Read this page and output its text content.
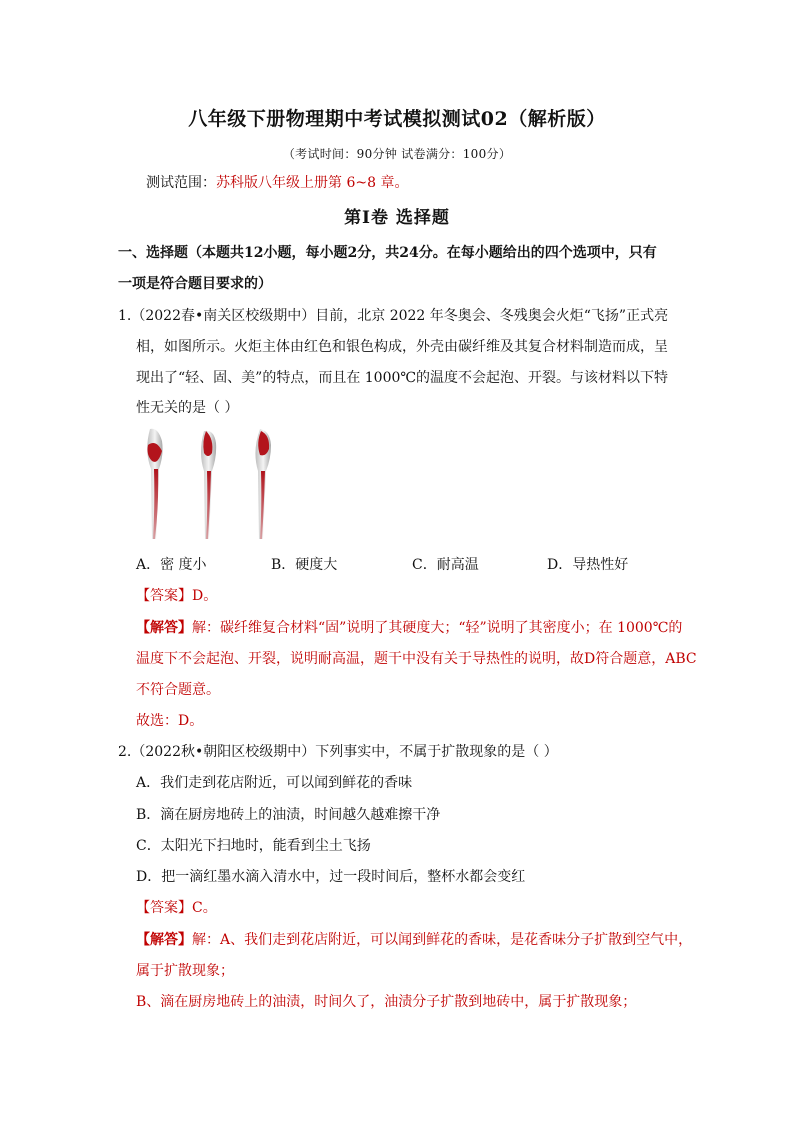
八年级下册物理期中考试模拟测试02（解析版）
（考试时间：90分钟 试卷满分：100分）
测试范围：苏科版八年级上册第 6~8 章。
第Ⅰ卷 选择题
一、选择题（本题共12小题，每小题2分，共24分。在每小题给出的四个选项中，只有
一项是符合题目要求的）
1.（2022春•南关区校级期中）目前，北京 2022 年冬奥会、冬残奥会火炬“飞扬”正式亮
相，如图所示。火炬主体由红色和银色构成，外壳由碳纤维及其复合材料制造而成，呈
现出了“轻、固、美”的特点，而且在 1000℃的温度不会起泡、开裂。与该材料以下特
性无关的是（ ）
A．密 度小	B．硬度大	C．耐高温	D．导热性好
【答案】D。
【解答】解：碳纤维复合材料“固”说明了其硬度大；“轻”说明了其密度小；在 1000℃的
温度下不会起泡、开裂，说明耐高温，题干中没有关于导热性的说明，故D符合题意，ABC
不符合题意。
故选：D。
2.（2022秋•朝阳区校级期中）下列事实中，不属于扩散现象的是（ ）
A．我们走到花店附近，可以闻到鲜花的香味
B．滴在厨房地砖上的油渍，时间越久越难擦干净
C．太阳光下扫地时，能看到尘土飞扬
D．把一滴红墨水滴入清水中，过一段时间后，整杯水都会变红
【答案】C。
【解答】解：A、我们走到花店附近，可以闻到鲜花的香味，是花香味分子扩散到空气中，
属于扩散现象；
B、滴在厨房地砖上的油渍，时间久了，油渍分子扩散到地砖中，属于扩散现象；
